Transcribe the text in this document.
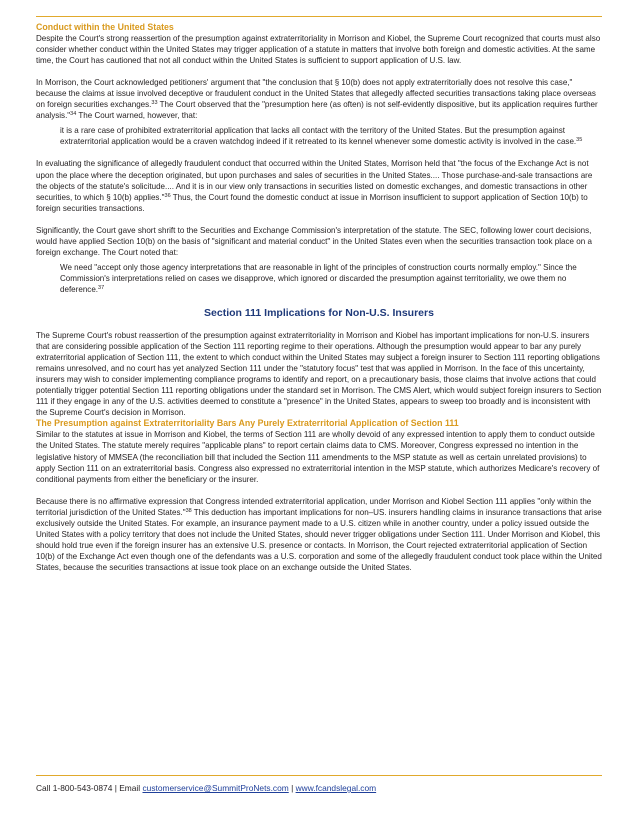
Conduct within the United States

Despite the Court's strong reassertion of the presumption against extraterritoriality in Morrison and Kiobel, the Supreme Court recognized that courts must also consider whether conduct within the United States may trigger application of a statute in matters that involve both foreign and domestic activities. At the same time, the Court has cautioned that not all conduct within the United States is sufficient to support application of U.S. law.

In Morrison, the Court acknowledged petitioners' argument that "the conclusion that § 10(b) does not apply extraterritorially does not resolve this case," because the claims at issue involved deceptive or fraudulent conduct in the United States that allegedly affected securities transactions taking place overseas on foreign securities exchanges.$^{33}$ The Court observed that the "presumption here (as often) is not self-evidently dispositive, but its application requires further analysis."$^{34}$ The Court warned, however, that:

it is a rare case of prohibited extraterritorial application that lacks all contact with the territory of the United States. But the presumption against extraterritorial application would be a craven watchdog indeed if it retreated to its kennel whenever some domestic activity is involved in the case.$^{35}$

In evaluating the significance of allegedly fraudulent conduct that occurred within the United States, Morrison held that "the focus of the Exchange Act is not upon the place where the deception originated, but upon purchases and sales of securities in the United States.... Those purchase-and-sale transactions are the objects of the statute's solicitude.... And it is in our view only transactions in securities listed on domestic exchanges, and domestic transactions in other securities, to which § 10(b) applies."$^{36}$ Thus, the Court found the domestic conduct at issue in Morrison insufficient to support application of Section 10(b) to foreign securities transactions.

Significantly, the Court gave short shrift to the Securities and Exchange Commission's interpretation of the statute. The SEC, following lower court decisions, would have applied Section 10(b) on the basis of "significant and material conduct" in the United States even when the securities transaction took place on a foreign exchange. The Court noted that:

We need "accept only those agency interpretations that are reasonable in light of the principles of construction courts normally employ." Since the Commission's interpretations relied on cases we disapprove, which ignored or discarded the presumption against territoriality, we owe them no deference.$^{37}$

Section 111 Implications for Non-U.S. Insurers

The Supreme Court's robust reassertion of the presumption against extraterritoriality in Morrison and Kiobel has important implications for non-U.S. insurers that are considering possible application of the Section 111 reporting regime to their operations. Although the presumption would appear to bar any purely extraterritorial application of Section 111, the extent to which conduct within the United States may subject a foreign insurer to Section 111 reporting obligations remains unresolved, and no court has yet analyzed Section 111 under the "statutory focus" test that was applied in Morrison. In the face of this uncertainty, insurers may wish to consider implementing compliance programs to identify and report, on a precautionary basis, those claims that involve actions that could potentially trigger potential Section 111 reporting obligations under the standard set in Morrison. The CMS Alert, which would subject foreign insurers to Section 111 if they engage in any of the U.S. activities deemed to constitute a "presence" in the United States, appears to sweep too broadly and is inconsistent with the Supreme Court's decision in Morrison.

The Presumption against Extraterritoriality Bars Any Purely Extraterritorial Application of Section 111

Similar to the statutes at issue in Morrison and Kiobel, the terms of Section 111 are wholly devoid of any expressed intention to apply them to conduct outside the United States. The statute merely requires "applicable plans" to report certain claims data to CMS. Moreover, Congress expressed no intention in the legislative history of MMSEA (the reconciliation bill that included the Section 111 amendments to the MSP statute as well as certain unrelated provisions) to apply Section 111 on an extraterritorial basis. Congress also expressed no extraterritorial intention in the MSP statute, which authorizes Medicare's recovery of conditional payments from either the beneficiary or the insurer.

Because there is no affirmative expression that Congress intended extraterritorial application, under Morrison and Kiobel Section 111 applies "only within the territorial jurisdiction of the United States."$^{38}$ This deduction has important implications for non–US. insurers handling claims in insurance transactions that arise exclusively outside the United States. For example, an insurance payment made to a U.S. citizen while in another country, under a policy issued outside the United States with a policy territory that does not include the United States, should never trigger obligations under Section 111. Under Morrison and Kiobel, this should hold true even if the foreign insurer has an extensive U.S. presence or contacts. In Morrison, the Court rejected extraterritorial application of Section 10(b) of the Exchange Act even though one of the defendants was a U.S. corporation and some of the allegedly fraudulent conduct took place within the United States, because the securities transactions at issue took place on an exchange outside the United States.

Call 1-800-543-0874 | Email customerservice@SummitProNets.com | www.fcandslegal.com
